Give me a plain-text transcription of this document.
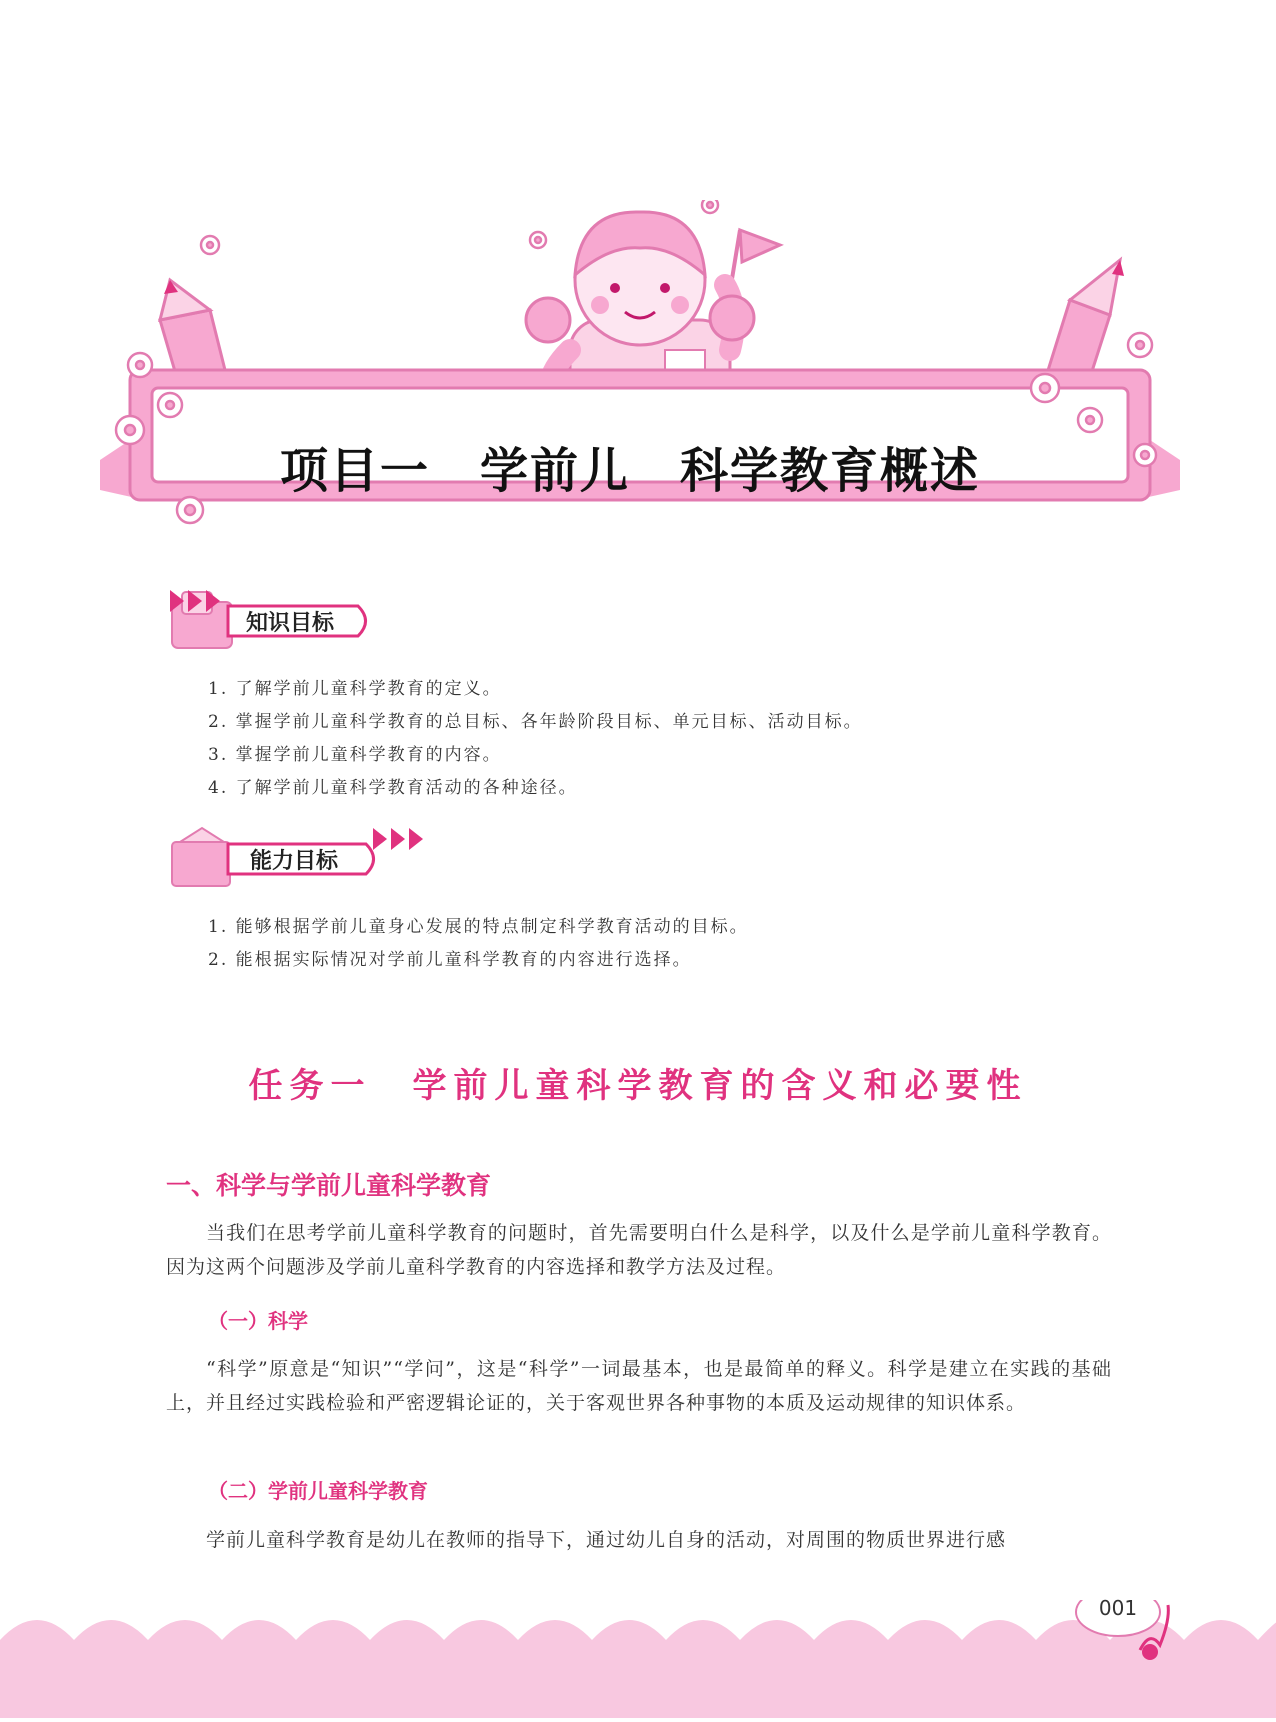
项目一　学前儿　科学教育概述
知识目标
1. 了解学前儿童科学教育的定义。
2. 掌握学前儿童科学教育的总目标、各年龄阶段目标、单元目标、活动目标。
3. 掌握学前儿童科学教育的内容。
4. 了解学前儿童科学教育活动的各种途径。
能力目标
1. 能够根据学前儿童身心发展的特点制定科学教育活动的目标。
2. 能根据实际情况对学前儿童科学教育的内容进行选择。
任务一　学前儿童科学教育的含义和必要性
一、科学与学前儿童科学教育
当我们在思考学前儿童科学教育的问题时，首先需要明白什么是科学，以及什么是学前儿童科学教育。因为这两个问题涉及学前儿童科学教育的内容选择和教学方法及过程。
（一）科学
“科学”原意是“知识”“学问”，这是“科学”一词最基本，也是最简单的释义。科学是建立在实践的基础上，并且经过实践检验和严密逻辑论证的，关于客观世界各种事物的本质及运动规律的知识体系。
（二）学前儿童科学教育
学前儿童科学教育是幼儿在教师的指导下，通过幼儿自身的活动，对周围的物质世界进行感
001
